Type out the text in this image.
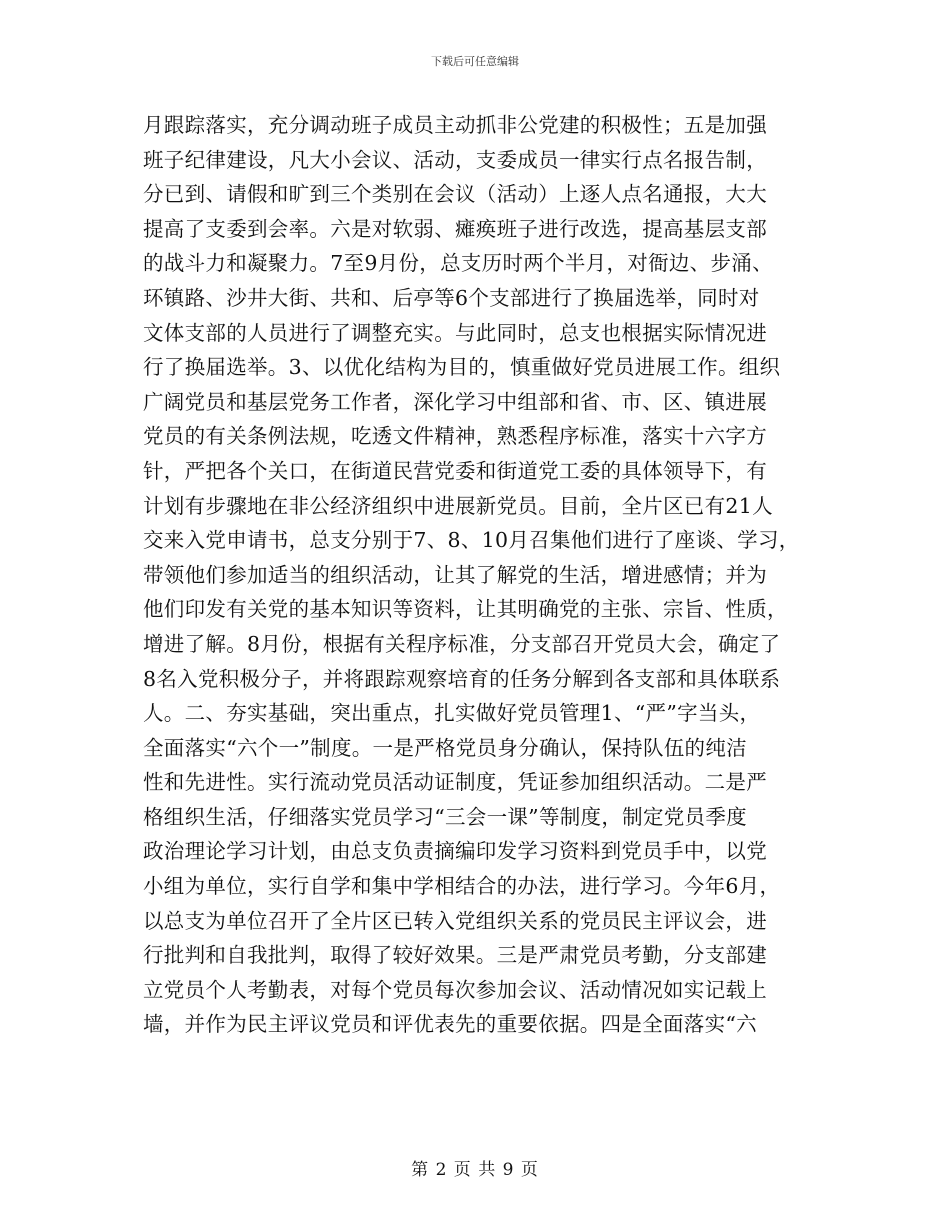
下载后可任意编辑
月跟踪落实，充分调动班子成员主动抓非公党建的积极性；五是加强
班子纪律建设，凡大小会议、活动，支委成员一律实行点名报告制，
分已到、请假和旷到三个类别在会议（活动）上逐人点名通报，大大
提高了支委到会率。六是对软弱、瘫痪班子进行改选，提高基层支部
的战斗力和凝聚力。7至9月份，总支历时两个半月，对衙边、步涌、
环镇路、沙井大街、共和、后亭等6个支部进行了换届选举，同时对
文体支部的人员进行了调整充实。与此同时，总支也根据实际情况进
行了换届选举。3、以优化结构为目的，慎重做好党员进展工作。组织
广阔党员和基层党务工作者，深化学习中组部和省、市、区、镇进展
党员的有关条例法规，吃透文件精神，熟悉程序标准，落实十六字方
针，严把各个关口，在街道民营党委和街道党工委的具体领导下，有
计划有步骤地在非公经济组织中进展新党员。目前，全片区已有21人
交来入党申请书，总支分别于7、8、10月召集他们进行了座谈、学习，
带领他们参加适当的组织活动，让其了解党的生活，增进感情；并为
他们印发有关党的基本知识等资料，让其明确党的主张、宗旨、性质，
增进了解。8月份，根据有关程序标准，分支部召开党员大会，确定了
8名入党积极分子，并将跟踪观察培育的任务分解到各支部和具体联系
人。二、夯实基础，突出重点，扎实做好党员管理1、“严”字当头，
全面落实“六个一”制度。一是严格党员身分确认，保持队伍的纯洁
性和先进性。实行流动党员活动证制度，凭证参加组织活动。二是严
格组织生活，仔细落实党员学习“三会一课”等制度，制定党员季度
政治理论学习计划，由总支负责摘编印发学习资料到党员手中，以党
小组为单位，实行自学和集中学相结合的办法，进行学习。今年6月，
以总支为单位召开了全片区已转入党组织关系的党员民主评议会，进
行批判和自我批判，取得了较好效果。三是严肃党员考勤，分支部建
立党员个人考勤表，对每个党员每次参加会议、活动情况如实记载上
墙，并作为民主评议党员和评优表先的重要依据。四是全面落实“六
第 2 页 共 9 页
